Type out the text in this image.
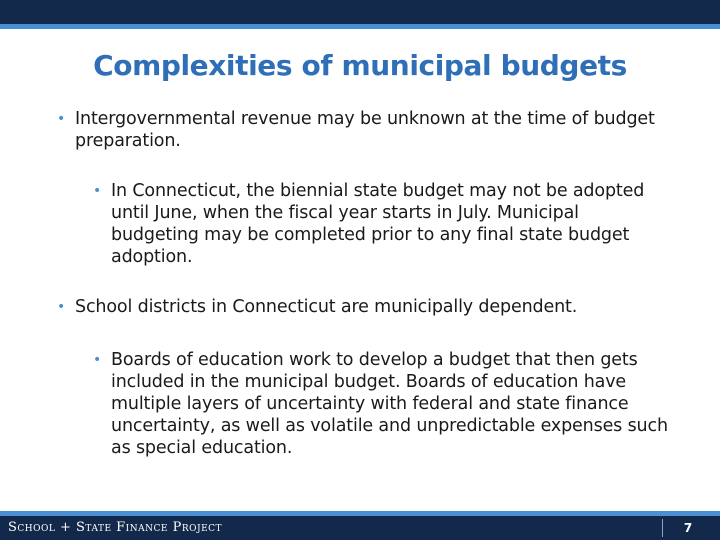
Complexities of municipal budgets
• Intergovernmental revenue may be unknown at the time of budget preparation.
• In Connecticut, the biennial state budget may not be adopted until June, when the fiscal year starts in July. Municipal budgeting may be completed prior to any final state budget adoption.
• School districts in Connecticut are municipally dependent.
• Boards of education work to develop a budget that then gets included in the municipal budget. Boards of education have multiple layers of uncertainty with federal and state finance uncertainty, as well as volatile and unpredictable expenses such as special education.
School + State Finance Project	7
